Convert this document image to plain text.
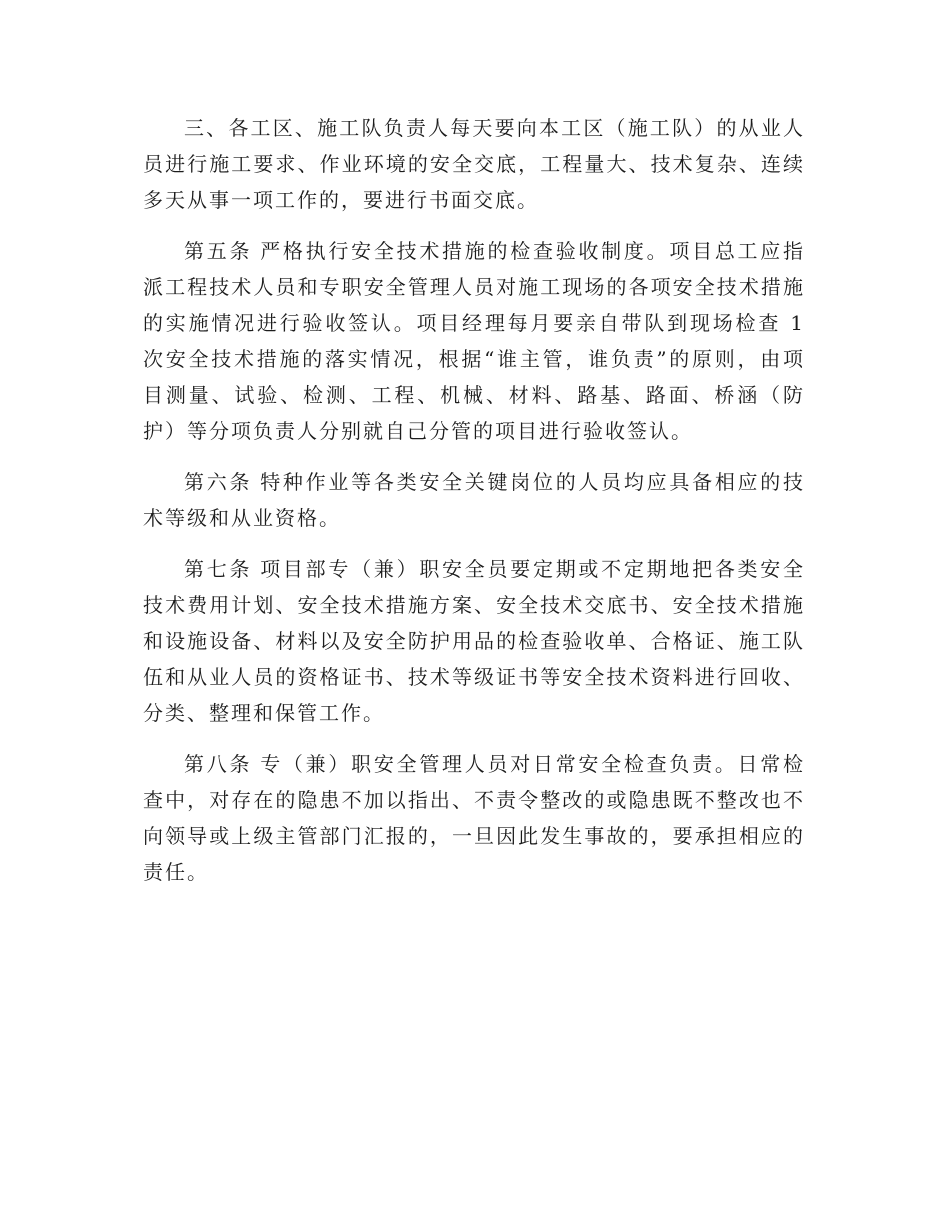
三、各工区、施工队负责人每天要向本工区（施工队）的从业人员进行施工要求、作业环境的安全交底，工程量大、技术复杂、连续多天从事一项工作的，要进行书面交底。

第五条 严格执行安全技术措施的检查验收制度。项目总工应指派工程技术人员和专职安全管理人员对施工现场的各项安全技术措施的实施情况进行验收签认。项目经理每月要亲自带队到现场检查 1 次安全技术措施的落实情况，根据“谁主管，谁负责”的原则，由项目测量、试验、检测、工程、机械、材料、路基、路面、桥涵（防护）等分项负责人分别就自己分管的项目进行验收签认。

第六条 特种作业等各类安全关键岗位的人员均应具备相应的技术等级和从业资格。

第七条 项目部专（兼）职安全员要定期或不定期地把各类安全技术费用计划、安全技术措施方案、安全技术交底书、安全技术措施和设施设备、材料以及安全防护用品的检查验收单、合格证、施工队伍和从业人员的资格证书、技术等级证书等安全技术资料进行回收、分类、整理和保管工作。

第八条 专（兼）职安全管理人员对日常安全检查负责。日常检查中，对存在的隐患不加以指出、不责令整改的或隐患既不整改也不向领导或上级主管部门汇报的，一旦因此发生事故的，要承担相应的责任。
